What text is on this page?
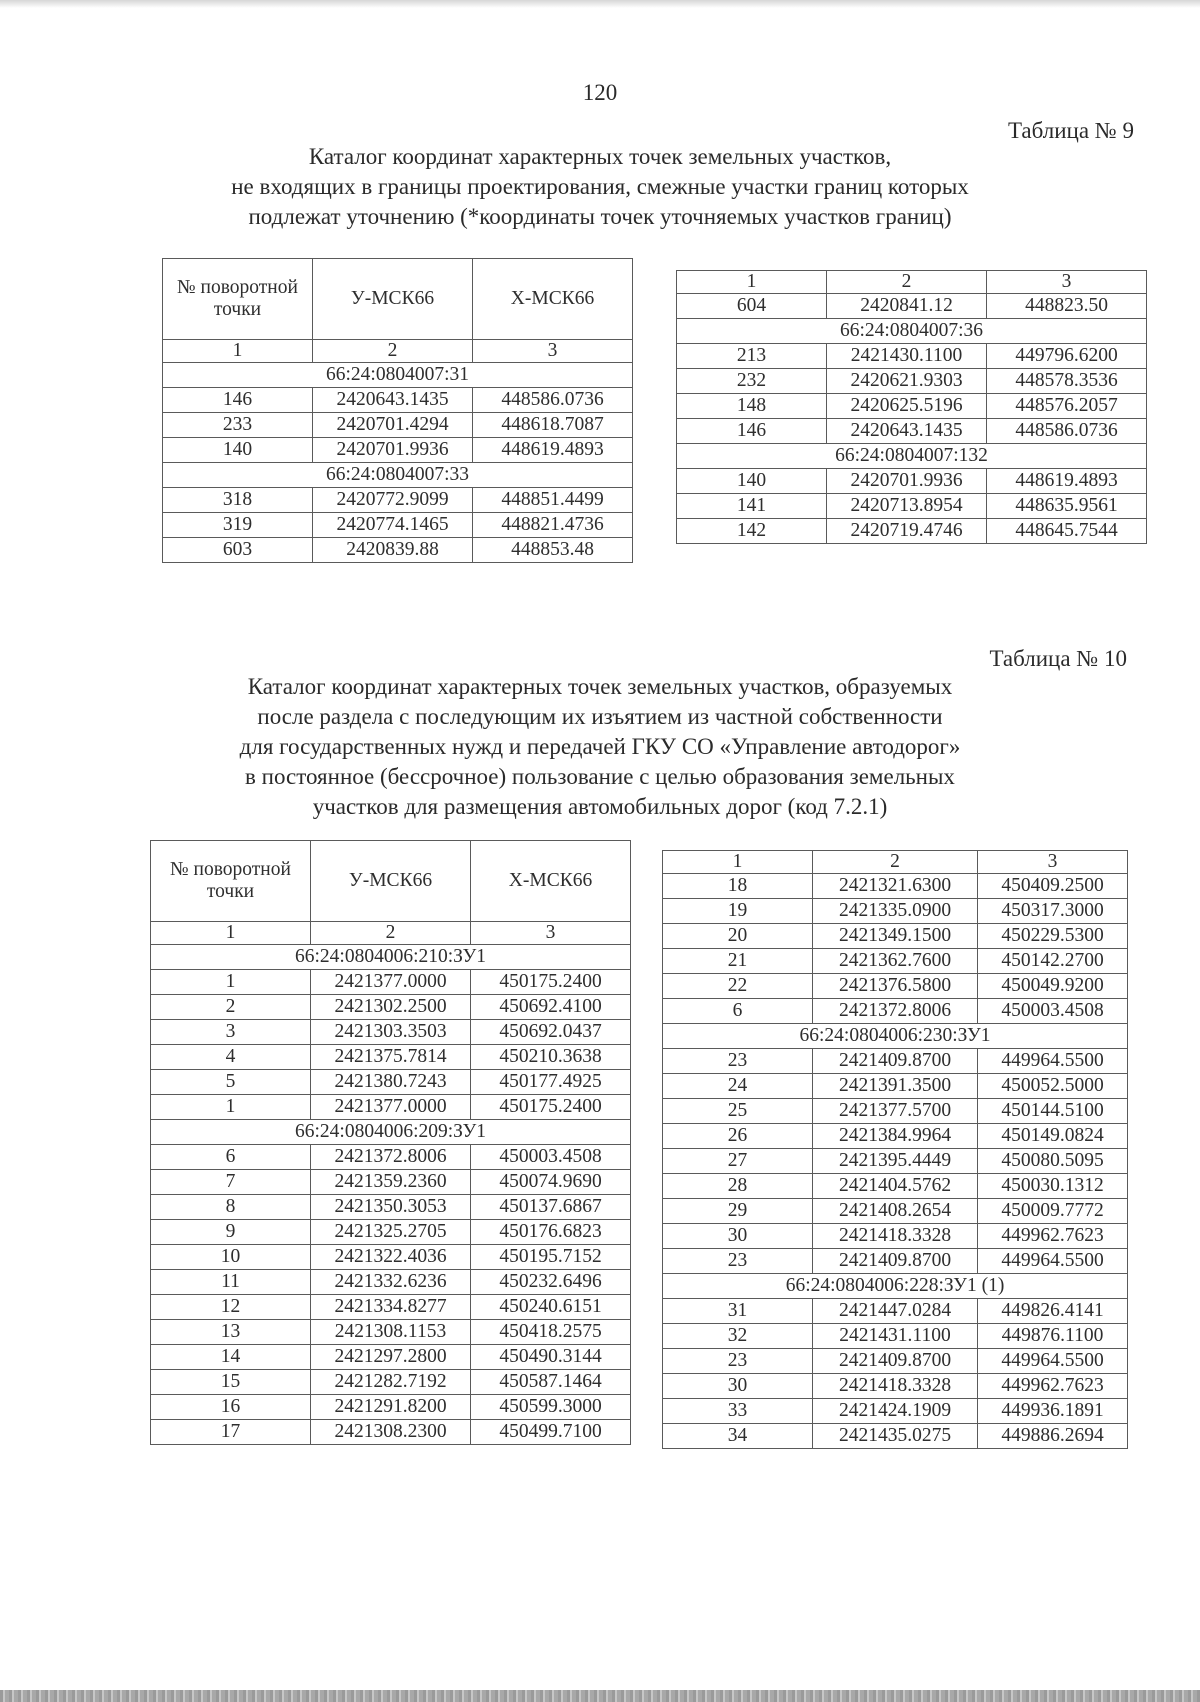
120
Таблица № 9
Каталог координат характерных точек земельных участков,
не входящих в границы проектирования, смежные участки границ которых
подлежат уточнению (*координаты точек уточняемых участков границ)
№ поворотной точки	У-МСК66	Х-МСК66
1	2	3
66:24:0804007:31		
146	2420643.1435	448586.0736
233	2420701.4294	448618.7087
140	2420701.9936	448619.4893
66:24:0804007:33		
318	2420772.9099	448851.4499
319	2420774.1465	448821.4736
603	2420839.88	448853.48
1	2	3
604	2420841.12	448823.50
66:24:0804007:36		
213	2421430.1100	449796.6200
232	2420621.9303	448578.3536
148	2420625.5196	448576.2057
146	2420643.1435	448586.0736
66:24:0804007:132		
140	2420701.9936	448619.4893
141	2420713.8954	448635.9561
142	2420719.4746	448645.7544
Таблица № 10
Каталог координат характерных точек земельных участков, образуемых
после раздела с последующим их изъятием из частной собственности
для государственных нужд и передачей ГКУ СО «Управление автодорог»
в постоянное (бессрочное) пользование с целью образования земельных
участков для размещения автомобильных дорог (код 7.2.1)
№ поворотной точки	У-МСК66	Х-МСК66
1	2	3
66:24:0804006:210:ЗУ1		
1	2421377.0000	450175.2400
2	2421302.2500	450692.4100
3	2421303.3503	450692.0437
4	2421375.7814	450210.3638
5	2421380.7243	450177.4925
1	2421377.0000	450175.2400
66:24:0804006:209:ЗУ1		
6	2421372.8006	450003.4508
7	2421359.2360	450074.9690
8	2421350.3053	450137.6867
9	2421325.2705	450176.6823
10	2421322.4036	450195.7152
11	2421332.6236	450232.6496
12	2421334.8277	450240.6151
13	2421308.1153	450418.2575
14	2421297.2800	450490.3144
15	2421282.7192	450587.1464
16	2421291.8200	450599.3000
17	2421308.2300	450499.7100
1	2	3
18	2421321.6300	450409.2500
19	2421335.0900	450317.3000
20	2421349.1500	450229.5300
21	2421362.7600	450142.2700
22	2421376.5800	450049.9200
6	2421372.8006	450003.4508
66:24:0804006:230:ЗУ1		
23	2421409.8700	449964.5500
24	2421391.3500	450052.5000
25	2421377.5700	450144.5100
26	2421384.9964	450149.0824
27	2421395.4449	450080.5095
28	2421404.5762	450030.1312
29	2421408.2654	450009.7772
30	2421418.3328	449962.7623
23	2421409.8700	449964.5500
66:24:0804006:228:ЗУ1 (1)		
31	2421447.0284	449826.4141
32	2421431.1100	449876.1100
23	2421409.8700	449964.5500
30	2421418.3328	449962.7623
33	2421424.1909	449936.1891
34	2421435.0275	449886.2694
